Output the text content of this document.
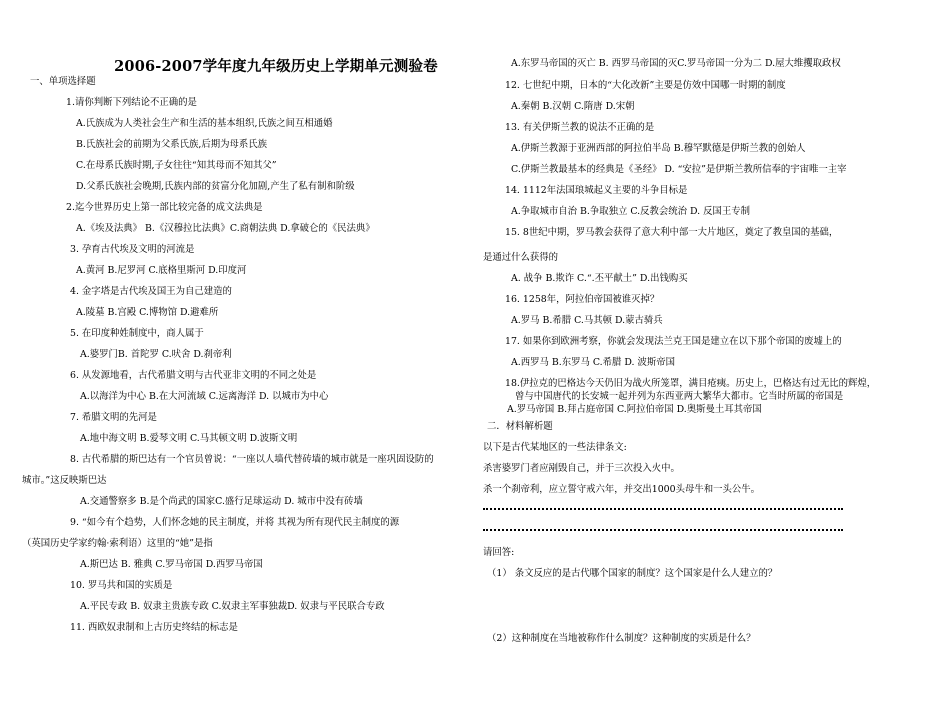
2006-2007学年度九年级历史上学期单元测验卷
一、单项选择题
1.请你判断下列结论不正确的是
A.氏族成为人类社会生产和生活的基本组织,氏族之间互相通婚
B.氏族社会的前期为父系氏族,后期为母系氏族
C.在母系氏族时期,子女往往“知其母而不知其父”
D.父系氏族社会晚期,氏族内部的贫富分化加剧,产生了私有制和阶级
2.迄今世界历史上第一部比较完备的成文法典是
A.《埃及法典》 B.《汉穆拉比法典》C.商朝法典 D.拿破仑的《民法典》
3. 孕育古代埃及文明的河流是
A.黄河 B.尼罗河 C.底格里斯河 D.印度河
4. 金字塔是古代埃及国王为自己建造的
A.陵墓 B.宫殿 C.博物馆 D.避难所
5. 在印度种姓制度中，商人属于
A.婆罗门B. 首陀罗 C.吠舍 D.刹帝利
6. 从发源地看，古代希腊文明与古代亚非文明的不同之处是
A.以海洋为中心 B.在大河流域 C.远离海洋 D. 以城市为中心
7. 希腊文明的先河是
A.地中海文明 B.爱琴文明 C.马其顿文明 D.波斯文明
8. 古代希腊的斯巴达有一个官员曾说：“一座以人墙代替砖墙的城市就是一座巩固设防的
城市。”这反映斯巴达
A.交通警察多 B.是个尚武的国家C.盛行足球运动 D. 城市中没有砖墙
9. “如今有个趋势，人们怀念她的民主制度，并将 其视为所有现代民主制度的源
（英国历史学家约翰·索利语）这里的“她”是指
A.斯巴达 B. 雅典 C.罗马帝国 D.西罗马帝国
10. 罗马共和国的实质是
A.平民专政 B. 奴隶主贵族专政 C.奴隶主军事独裁D. 奴隶与平民联合专政
11. 西欧奴隶制和上古历史终结的标志是
A.东罗马帝国的灭亡 B. 西罗马帝国的灭C.罗马帝国一分为二 D.屋大维攫取政权
12. 七世纪中期，日本的“大化改新”主要是仿效中国哪一时期的制度
A.秦朝 B.汉朝 C.隋唐 D.宋朝
13. 有关伊斯兰教的说法不正确的是
A.伊斯兰教源于亚洲西部的阿拉伯半岛 B.穆罕默德是伊斯兰教的创始人
C.伊斯兰教最基本的经典是《圣经》 D. “安拉”是伊斯兰教所信奉的宇宙唯一主宰
14. 1112年法国琅城起义主要的斗争目标是
A.争取城市自治 B.争取独立 C.反教会统治 D. 反国王专制
15. 8世纪中期，罗马教会获得了意大利中部一大片地区，奠定了教皇国的基础，
是通过什么获得的
A. 战争 B.欺诈 C.“.丕平献土” D.出钱购买
16. 1258年，阿拉伯帝国被谁灭掉？
A.罗马 B.希腊 C.马其顿 D.蒙古骑兵
17. 如果你到欧洲考察，你就会发现法兰克王国是建立在以下那个帝国的废墟上的
A.西罗马 B.东罗马 C.希腊 D. 波斯帝国
18.伊拉克的巴格达今天仍旧为战火所笼罩，满目疮痍。历史上，巴格达有过无比的辉煌，
曾与中国唐代的长安城一起并列为东西亚两大繁华大都市。它当时所属的帝国是
A.罗马帝国 B.拜占庭帝国 C.阿拉伯帝国 D.奥斯曼土耳其帝国
二．材料解析题
以下是古代某地区的一些法律条文:
杀害婆罗门者应剐毁自己，并于三次投入火中。
杀一个刹帝利，应立誓守戒六年，并交出1000头母牛和一头公牛。
请回答:
（1） 条文反应的是古代哪个国家的制度？这个国家是什么人建立的？
（2）这种制度在当地被称作什么制度？这种制度的实质是什么？
